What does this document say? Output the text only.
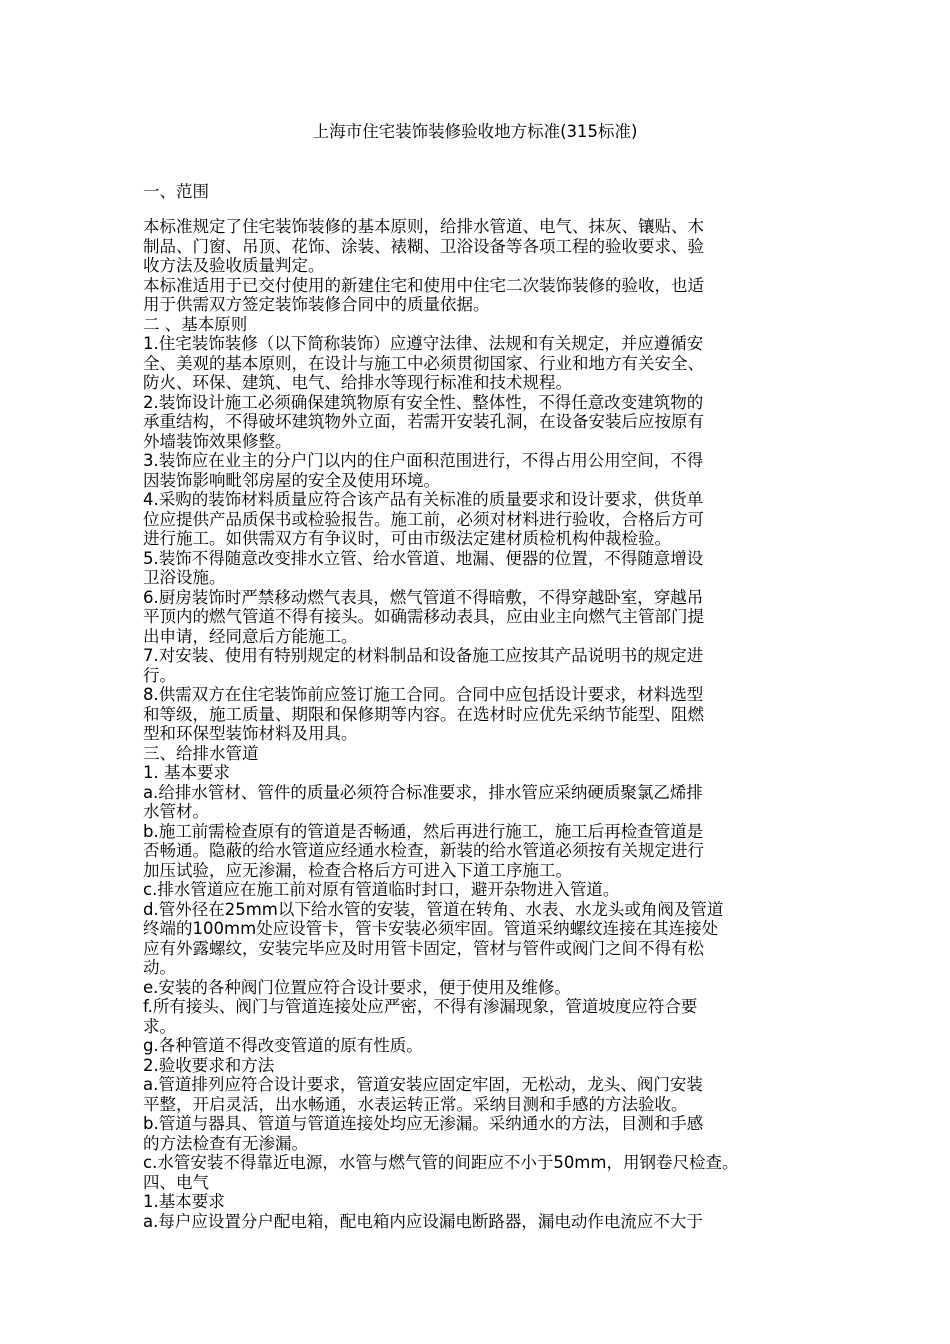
上海市住宅装饰装修验收地方标准(315标准)
一、范围
本标准规定了住宅装饰装修的基本原则，给排水管道、电气、抹灰、镶贴、木
制品、门窗、吊顶、花饰、涂装、裱糊、卫浴设备等各项工程的验收要求、验
收方法及验收质量判定。
本标准适用于已交付使用的新建住宅和使用中住宅二次装饰装修的验收，也适
用于供需双方签定装饰装修合同中的质量依据。
二 、基本原则
1.住宅装饰装修（以下简称装饰）应遵守法律、法规和有关规定，并应遵循安
全、美观的基本原则，在设计与施工中必须贯彻国家、行业和地方有关安全、
防火、环保、建筑、电气、给排水等现行标准和技术规程。
2.装饰设计施工必须确保建筑物原有安全性、整体性，不得任意改变建筑物的
承重结构，不得破坏建筑物外立面，若需开安装孔洞，在设备安装后应按原有
外墙装饰效果修整。
3.装饰应在业主的分户门以内的住户面积范围进行，不得占用公用空间，不得
因装饰影响毗邻房屋的安全及使用环境。
4.采购的装饰材料质量应符合该产品有关标准的质量要求和设计要求，供货单
位应提供产品质保书或检验报告。施工前，必须对材料进行验收，合格后方可
进行施工。如供需双方有争议时，可由市级法定建材质检机构仲裁检验。
5.装饰不得随意改变排水立管、给水管道、地漏、便器的位置，不得随意增设
卫浴设施。
6.厨房装饰时严禁移动燃气表具，燃气管道不得暗敷，不得穿越卧室，穿越吊
平顶内的燃气管道不得有接头。如确需移动表具，应由业主向燃气主管部门提
出申请，经同意后方能施工。
7.对安装、使用有特别规定的材料制品和设备施工应按其产品说明书的规定进
行。
8.供需双方在住宅装饰前应签订施工合同。合同中应包括设计要求，材料选型
和等级，施工质量、期限和保修期等内容。在选材时应优先采纳节能型、阻燃
型和环保型装饰材料及用具。
三、给排水管道
1. 基本要求
a.给排水管材、管件的质量必须符合标准要求，排水管应采纳硬质聚氯乙烯排
水管材。
b.施工前需检查原有的管道是否畅通，然后再进行施工，施工后再检查管道是
否畅通。隐蔽的给水管道应经通水检查，新装的给水管道必须按有关规定进行
加压试验，应无渗漏，检查合格后方可进入下道工序施工。
c.排水管道应在施工前对原有管道临时封口，避开杂物进入管道。
d.管外径在25mm以下给水管的安装，管道在转角、水表、水龙头或角阀及管道
终端的100mm处应设管卡，管卡安装必须牢固。管道采纳螺纹连接在其连接处
应有外露螺纹，安装完毕应及时用管卡固定，管材与管件或阀门之间不得有松
动。
e.安装的各种阀门位置应符合设计要求，便于使用及维修。
f.所有接头、阀门与管道连接处应严密，不得有渗漏现象，管道坡度应符合要
求。
g.各种管道不得改变管道的原有性质。
2.验收要求和方法
a.管道排列应符合设计要求，管道安装应固定牢固，无松动，龙头、阀门安装
平整，开启灵活，出水畅通，水表运转正常。采纳目测和手感的方法验收。
b.管道与器具、管道与管道连接处均应无渗漏。采纳通水的方法，目测和手感
的方法检查有无渗漏。
c.水管安装不得靠近电源，水管与燃气管的间距应不小于50mm，用钢卷尺检查。
四、电气
1.基本要求
a.每户应设置分户配电箱，配电箱内应设漏电断路器，漏电动作电流应不大于
